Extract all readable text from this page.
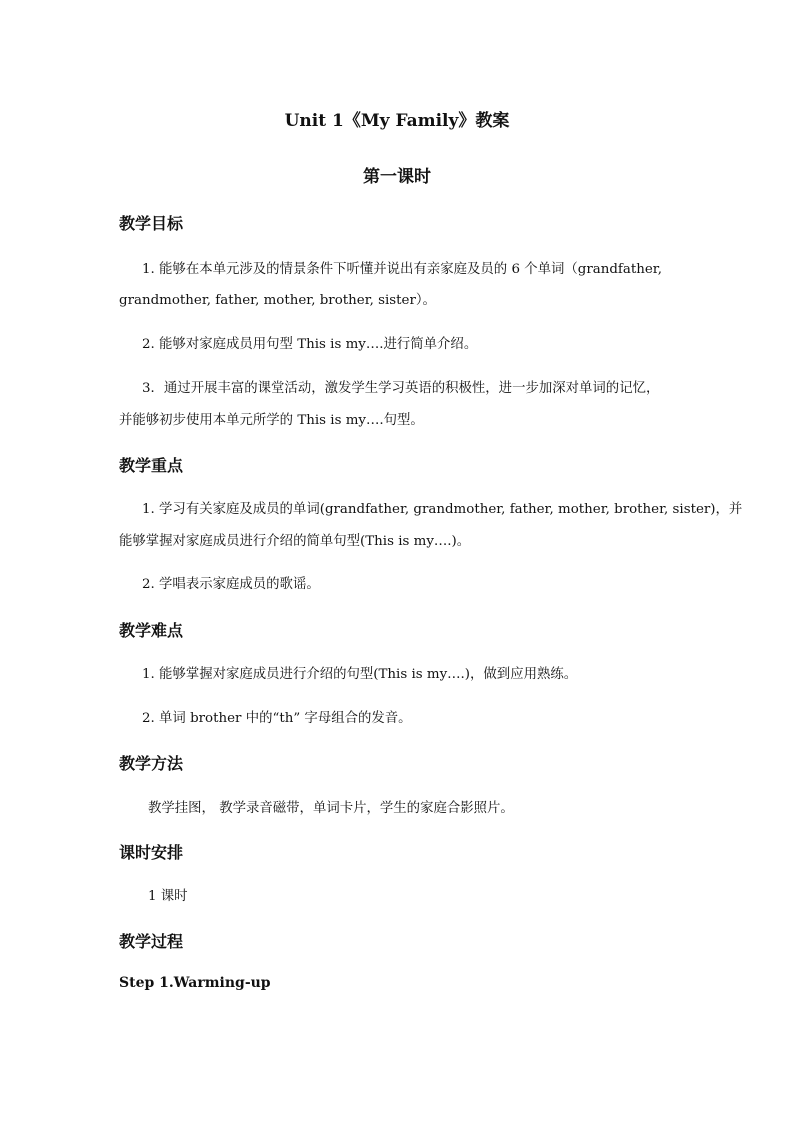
Unit 1《My Family》教案
第一课时
教学目标
1. 能够在本单元涉及的情景条件下听懂并说出有亲家庭及员的 6 个单词（grandfather,
grandmother, father, mother, brother, sister）。
2. 能够对家庭成员用句型 This is my….进行简单介绍。
3．通过开展丰富的课堂活动，激发学生学习英语的积极性，进一步加深对单词的记忆，
并能够初步使用本单元所学的 This is my….句型。
教学重点
1. 学习有关家庭及成员的单词(grandfather, grandmother, father, mother, brother, sister)，并
能够掌握对家庭成员进行介绍的简单句型(This is my….)。
2. 学唱表示家庭成员的歌谣。
教学难点
1. 能够掌握对家庭成员进行介绍的句型(This is my….)，做到应用熟练。
2. 单词 brother 中的“th” 字母组合的发音。
教学方法
教学挂图， 教学录音磁带，单词卡片，学生的家庭合影照片。
课时安排
1 课时
教学过程
Step 1.Warming-up
